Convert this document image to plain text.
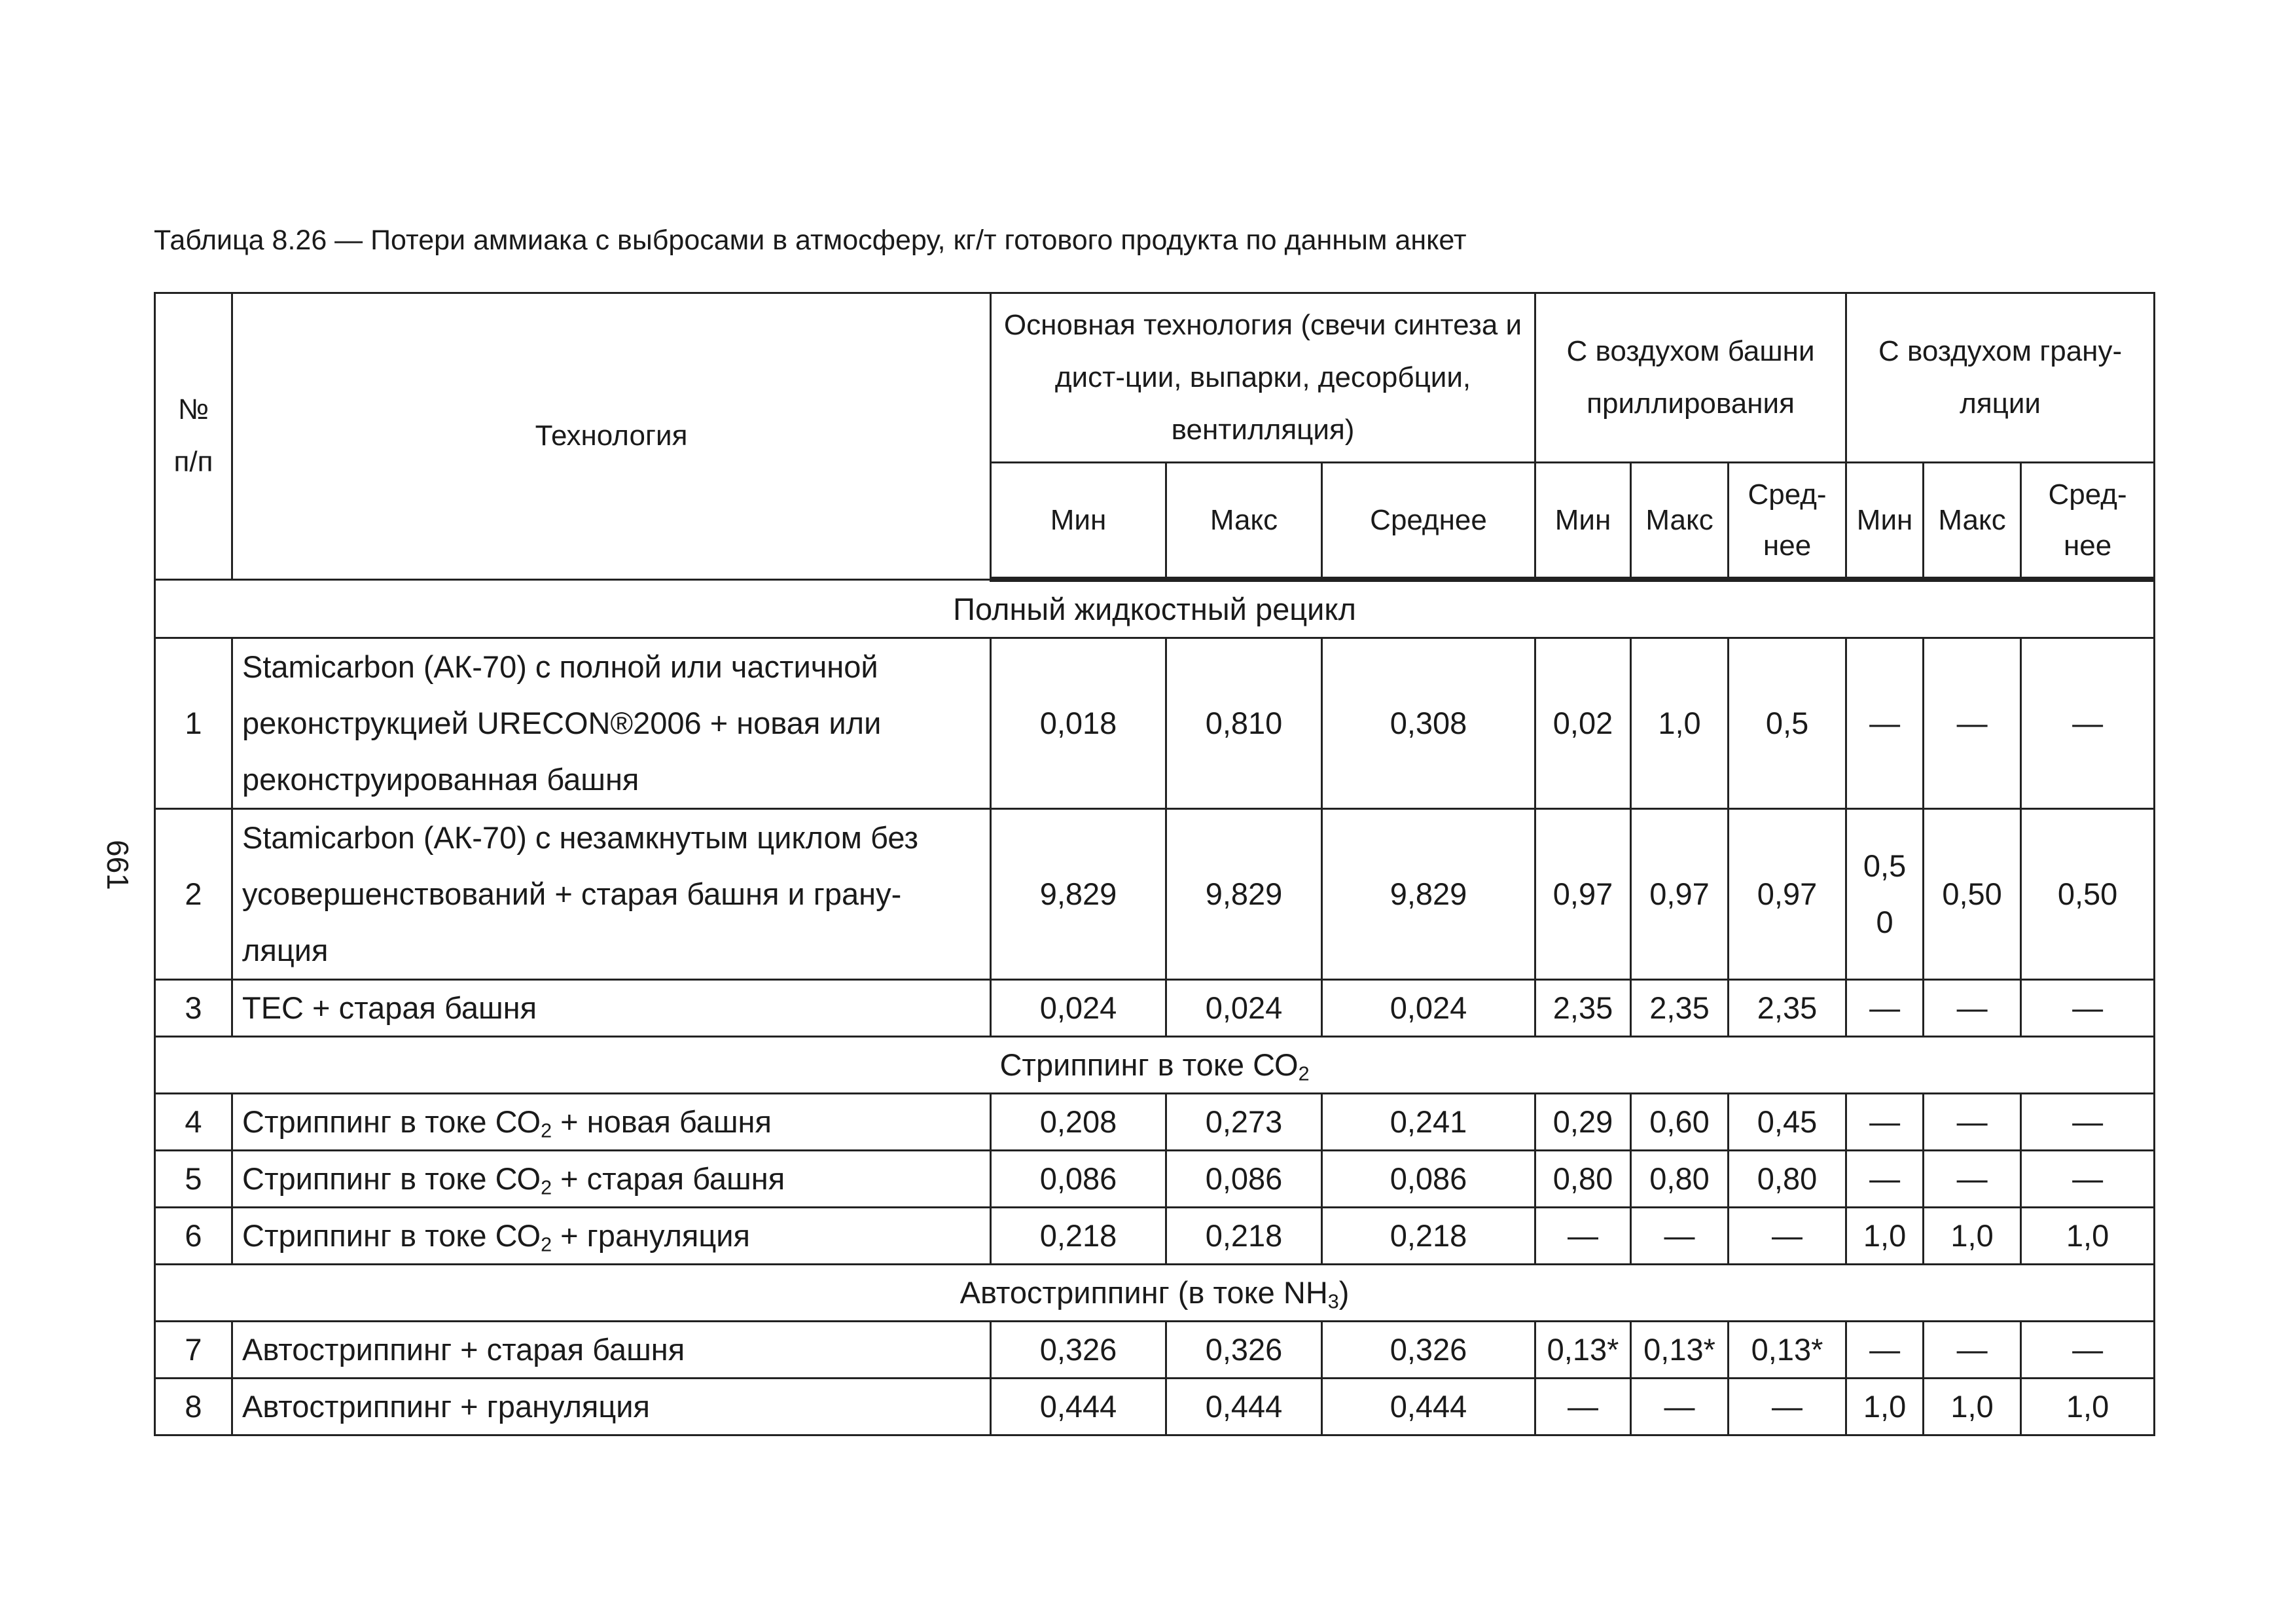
Таблица 8.26 — Потери аммиака с выбросами в атмосферу, кг/т готового продукта по данным анкет
661
№ п/п	Технология	Основная технология (свечи синтеза и дист-ции, выпарки, десорбции, вентилляция)			С воздухом башни приллирования			С воздухом грану-ляции		
		Мин	Макс	Среднее	Мин	Макс	Сред-нее	Мин	Макс	Сред-нее
Полный жидкостный рецикл										
1	Stamicarbon (АК-70) с полной или частичной реконструкцией URECON®2006 + новая или реконструированная башня	0,018	0,810	0,308	0,02	1,0	0,5	—	—	—
2	Stamicarbon (АК-70) с незамкнутым циклом без усовершенствований + старая башня и грану-ляция	9,829	9,829	9,829	0,97	0,97	0,97	0,50	0,50	0,50
3	ТЕС + старая башня	0,024	0,024	0,024	2,35	2,35	2,35	—	—	—
Стриппинг в токе $СО_2$
4	Стриппинг в токе $СО_2$ + новая башня	0,208	0,273	0,241	0,29	0,60	0,45	—	—	—
5	Стриппинг в токе $СО_2$ + старая башня	0,086	0,086	0,086	0,80	0,80	0,80	—	—	—
6	Стриппинг в токе $СО_2$ + грануляция	0,218	0,218	0,218	—	—	—	1,0	1,0	1,0
Автостриппинг (в токе $NH_3$)										
7	Автостриппинг + старая башня	0,326	0,326	0,326	0,13*	0,13*	0,13*	—	—	—
8	Автостриппинг + грануляция	0,444	0,444	0,444	—	—	—	1,0	1,0	1,0
